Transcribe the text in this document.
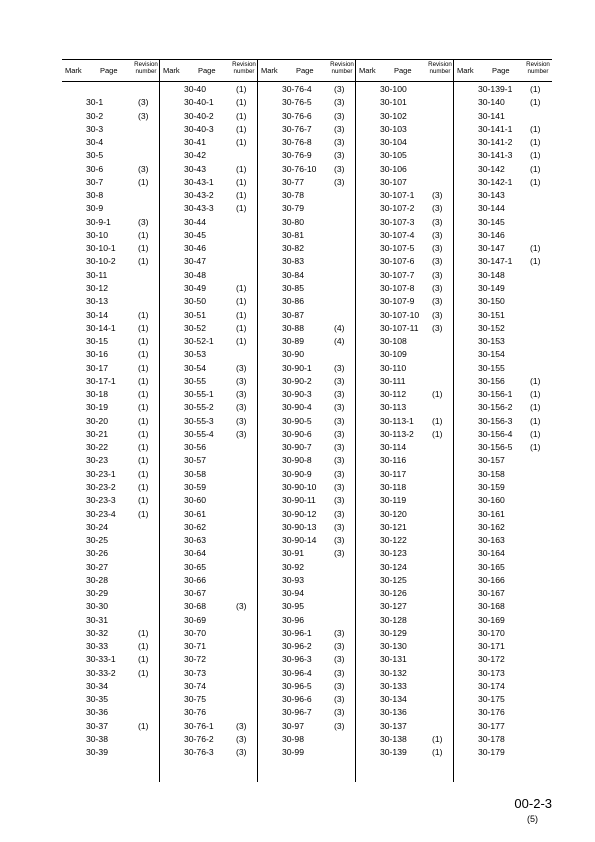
Mark Page
Revision number
30-1	(3)
30-2	(3)
30-3
30-4
30-5
30-6	(3)
30-7	(1)
30-8
30-9
30-9-1	(3)
30-10	(1)
30-10-1	(1)
30-10-2	(1)
30-11
30-12
30-13
30-14	(1)
30-14-1	(1)
30-15	(1)
30-16	(1)
30-17	(1)
30-17-1	(1)
30-18	(1)
30-19	(1)
30-20	(1)
30-21	(1)
30-22	(1)
30-23	(1)
30-23-1	(1)
30-23-2	(1)
30-23-3	(1)
30-23-4	(1)
30-24
30-25
30-26
30-27
30-28
30-29
30-30
30-31
30-32	(1)
30-33	(1)
30-33-1	(1)
30-33-2	(1)
30-34
30-35
30-36
30-37	(1)
30-38
30-39
Mark Page
Revision number
30-40	(1)
30-40-1	(1)
30-40-2	(1)
30-40-3	(1)
30-41	(1)
30-42
30-43	(1)
30-43-1	(1)
30-43-2	(1)
30-43-3	(1)
30-44
30-45
30-46
30-47
30-48
30-49	(1)
30-50	(1)
30-51	(1)
30-52	(1)
30-52-1	(1)
30-53
30-54	(3)
30-55	(3)
30-55-1	(3)
30-55-2	(3)
30-55-3	(3)
30-55-4	(3)
30-56
30-57
30-58
30-59
30-60
30-61
30-62
30-63
30-64
30-65
30-66
30-67
30-68	(3)
30-69
30-70
30-71
30-72
30-73
30-74
30-75
30-76
30-76-1	(3)
30-76-2	(3)
30-76-3	(3)
Mark Page
Revision number
30-76-4	(3)
30-76-5	(3)
30-76-6	(3)
30-76-7	(3)
30-76-8	(3)
30-76-9	(3)
30-76-10 (3)
30-77	(3)
30-78
30-79
30-80
30-81
30-82
30-83
30-84
30-85
30-86
30-87
30-88	(4)
30-89	(4)
30-90
30-90-1	(3)
30-90-2	(3)
30-90-3	(3)
30-90-4	(3)
30-90-5	(3)
30-90-6	(3)
30-90-7	(3)
30-90-8	(3)
30-90-9	(3)
30-90-10 (3)
30-90-11 (3)
30-90-12 (3)
30-90-13 (3)
30-90-14 (3)
30-91	(3)
30-92
30-93
30-94
30-95
30-96
30-96-1	(3)
30-96-2	(3)
30-96-3	(3)
30-96-4	(3)
30-96-5	(3)
30-96-6	(3)
30-96-7	(3)
30-97	(3)
30-98
30-99
Mark Page
Revision number
30-100
30-101
30-102
30-103
30-104
30-105
30-106
30-107
30-107-1 (3)
30-107-2 (3)
30-107-3 (3)
30-107-4 (3)
30-107-5 (3)
30-107-6 (3)
30-107-7 (3)
30-107-8 (3)
30-107-9 (3)
30-107-10 (3)
30-107-11 (3)
30-108
30-109
30-110
30-111
30-112	(1)
30-113
30-113-1 (1)
30-113-2 (1)
30-114
30-116
30-117
30-118
30-119
30-120
30-121
30-122
30-123
30-124
30-125
30-126
30-127
30-128
30-129
30-130
30-131
30-132
30-133
30-134
30-136
30-137
30-138	(1)
30-139	(1)
Mark Page
Revision number
30-139-1 (1)
30-140	(1)
30-141
30-141-1 (1)
30-141-2 (1)
30-141-3 (1)
30-142	(1)
30-142-1 (1)
30-143
30-144
30-145
30-146
30-147	(1)
30-147-1 (1)
30-148
30-149
30-150
30-151
30-152
30-153
30-154
30-155
30-156	(1)
30-156-1 (1)
30-156-2 (1)
30-156-3 (1)
30-156-4 (1)
30-156-5 (1)
30-157
30-158
30-159
30-160
30-161
30-162
30-163
30-164
30-165
30-166
30-167
30-168
30-169
30-170
30-171
30-172
30-173
30-174
30-175
30-176
30-177
30-178
30-179
00-2-3
(5)
